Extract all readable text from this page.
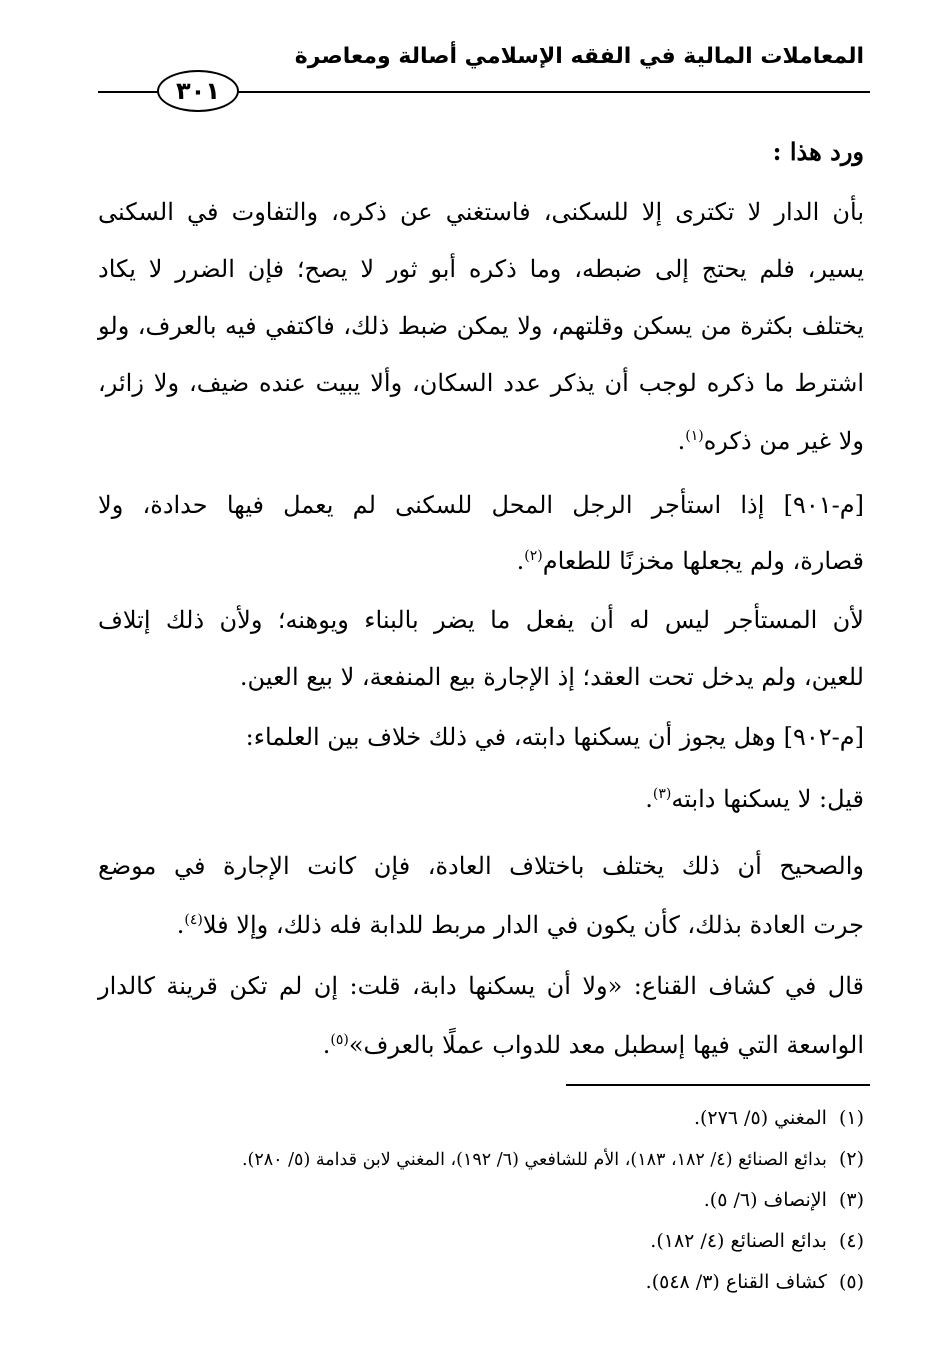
المعاملات المالية في الفقه الإسلامي أصالة ومعاصرة
٣٠١
ورد هذا :
بأن الدار لا تكترى إلا للسكنى، فاستغني عن ذكره، والتفاوت في السكنى
يسير، فلم يحتج إلى ضبطه، وما ذكره أبو ثور لا يصح؛ فإن الضرر لا يكاد
يختلف بكثرة من يسكن وقلتهم، ولا يمكن ضبط ذلك، فاكتفي فيه بالعرف، ولو
اشترط ما ذكره لوجب أن يذكر عدد السكان، وألا يبيت عنده ضيف، ولا زائر،
ولا غير من ذكره$^{(١)}$.
[م-٩٠١] إذا استأجر الرجل المحل للسكنى لم يعمل فيها حدادة، ولا
قصارة، ولم يجعلها مخزنًا للطعام$^{(٢)}$.
لأن المستأجر ليس له أن يفعل ما يضر بالبناء ويوهنه؛ ولأن ذلك إتلاف
للعين، ولم يدخل تحت العقد؛ إذ الإجارة بيع المنفعة، لا بيع العين.
[م-٩٠٢] وهل يجوز أن يسكنها دابته، في ذلك خلاف بين العلماء:
قيل: لا يسكنها دابته$^{(٣)}$.
والصحيح أن ذلك يختلف باختلاف العادة، فإن كانت الإجارة في موضع
جرت العادة بذلك، كأن يكون في الدار مربط للدابة فله ذلك، وإلا فلا$^{(٤)}$.
قال في كشاف القناع: «ولا أن يسكنها دابة، قلت: إن لم تكن قرينة كالدار
الواسعة التي فيها إسطبل معد للدواب عملًا بالعرف»$^{(٥)}$.
(١)المغني (٥/ ٢٧٦).
(٢)بدائع الصنائع (٤/ ١٨٢، ١٨٣)، الأم للشافعي (٦/ ١٩٢)، المغني لابن قدامة (٥/ ٢٨٠).
(٣)الإنصاف (٦/ ٥).
(٤)بدائع الصنائع (٤/ ١٨٢).
(٥)كشاف القناع (٣/ ٥٤٨).
